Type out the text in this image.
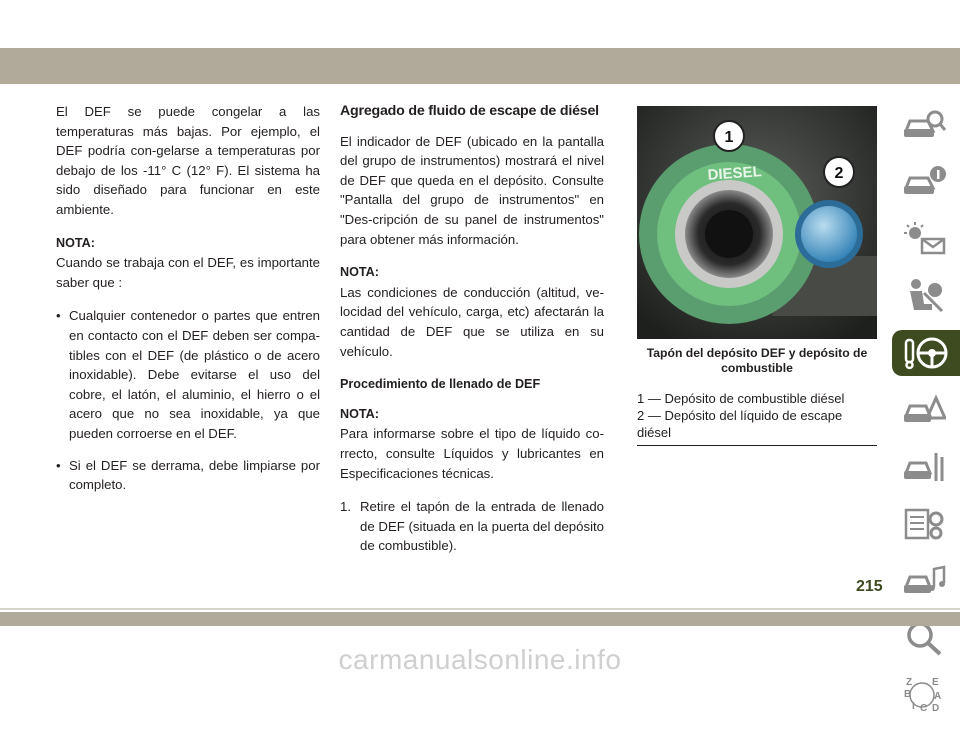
El DEF se puede congelar a las temperaturas más bajas. Por ejemplo, el DEF podría con-gelarse a temperaturas por debajo de los -11° C (12° F). El sistema ha sido diseñado para funcionar en este ambiente.

NOTA:

Cuando se trabaja con el DEF, es importante saber que :

• Cualquier contenedor o partes que entren en contacto con el DEF deben ser compa-tibles con el DEF (de plástico o de acero inoxidable). Debe evitarse el uso del cobre, el latón, el aluminio, el hierro o el acero que no sea inoxidable, ya que pueden corroerse en el DEF.
• Si el DEF se derrama, debe limpiarse por completo.
Agregado de fluido de escape de diésel

El indicador de DEF (ubicado en la pantalla del grupo de instrumentos) mostrará el nivel de DEF que queda en el depósito. Consulte "Pantalla del grupo de instrumentos" en "Des-cripción de su panel de instrumentos" para obtener más información.

NOTA:

Las condiciones de conducción (altitud, ve-locidad del vehículo, carga, etc) afectarán la cantidad de DEF que se utiliza en su vehículo.

Procedimiento de llenado de DEF
NOTA:

Para informarse sobre el tipo de líquido co-rrecto, consulte Líquidos y lubricantes en Especificaciones técnicas.

1. Retire el tapón de la entrada de llenado de DEF (situada en la puerta del depósito de combustible).
1
2
DIESEL
Tapón del depósito DEF y depósito de combustible
1 — Depósito de combustible diésel
2 — Depósito del líquido de escape diésel
Z E
B A
I C D
215
carmanualsonline.info
